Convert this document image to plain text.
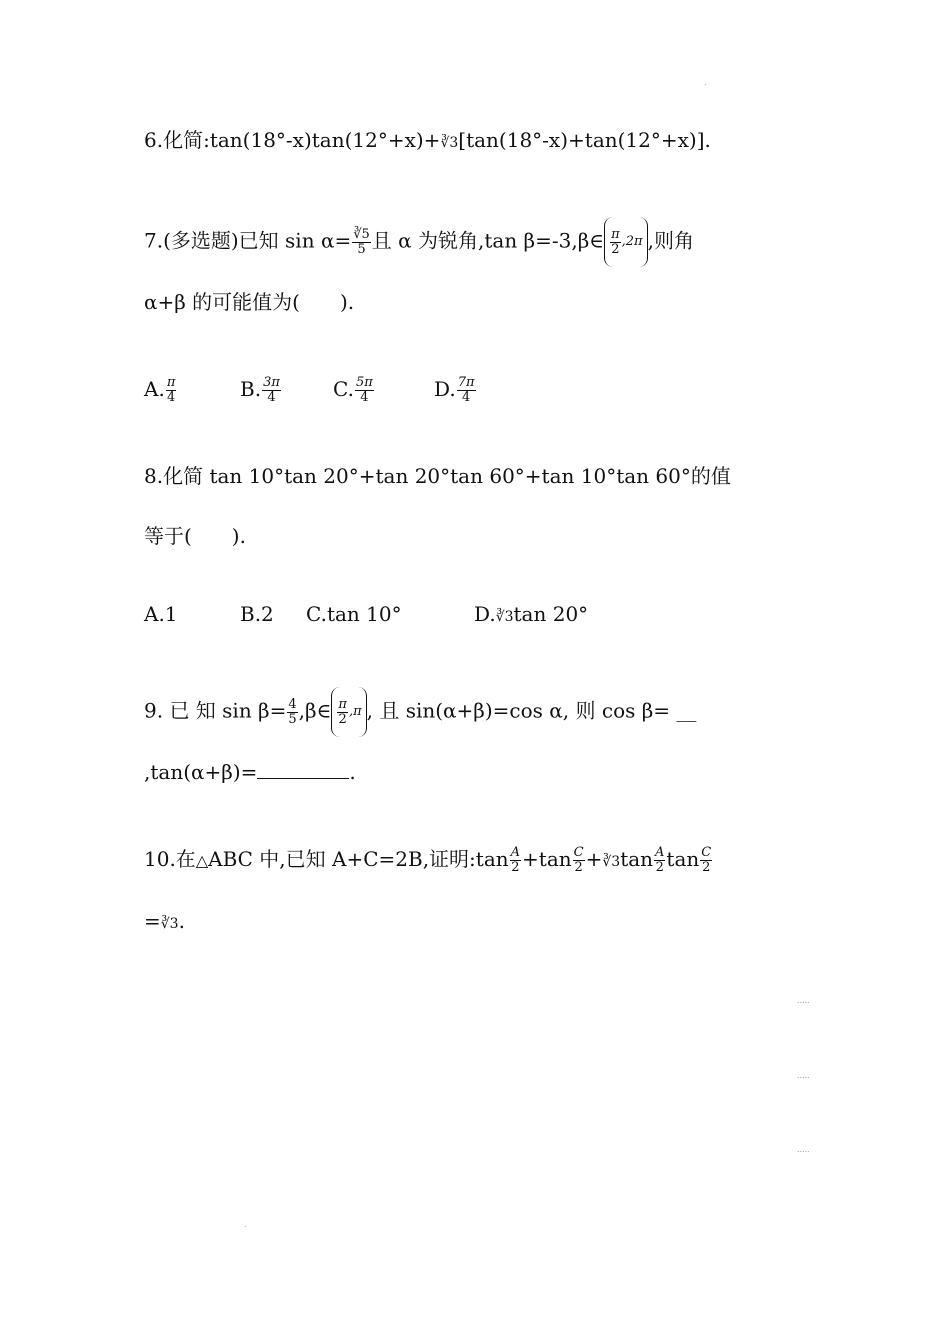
.
6.化简:tan(18°-x)tan(12°+x)+∛3[tan(18°-x)+tan(12°+x)].
7.(多选题)已知 $\sin \alpha= \frac{∛5}{5}$ 且 α 为锐角,tan β=-3,β∈ $\frac{\pi}{2} ,2\pi$ ,则角
α+β 的可能值为(　　).
A. $\frac{\pi}{4}$	B. $\frac{3\pi}{4}$	C. $\frac{5\pi}{4}$	D. $\frac{7\pi}{4}$
8.化简 tan 10°tan 20°+tan 20°tan 60°+tan 10°tan 60°的值
等于(　　).
A.1	B.2 C.tan 10°	D.∛3tan 20°
9. 已 知 $\sin \beta= \frac{4}{5}$ ,β∈ $\frac{\pi}{2} ,\pi$ , 且 sin(α+β)=cos α, 则 cos β= __
,tan(α+β)=	.
10.在△ABC 中,已知 A+C=2B,证明:tan $\frac{A}{2} +\tan \frac{C}{2}$ +∛3tan $\frac{A}{2}$ $\tan \frac{C}{2}$
=∛3.
.....
.....
.....
.
